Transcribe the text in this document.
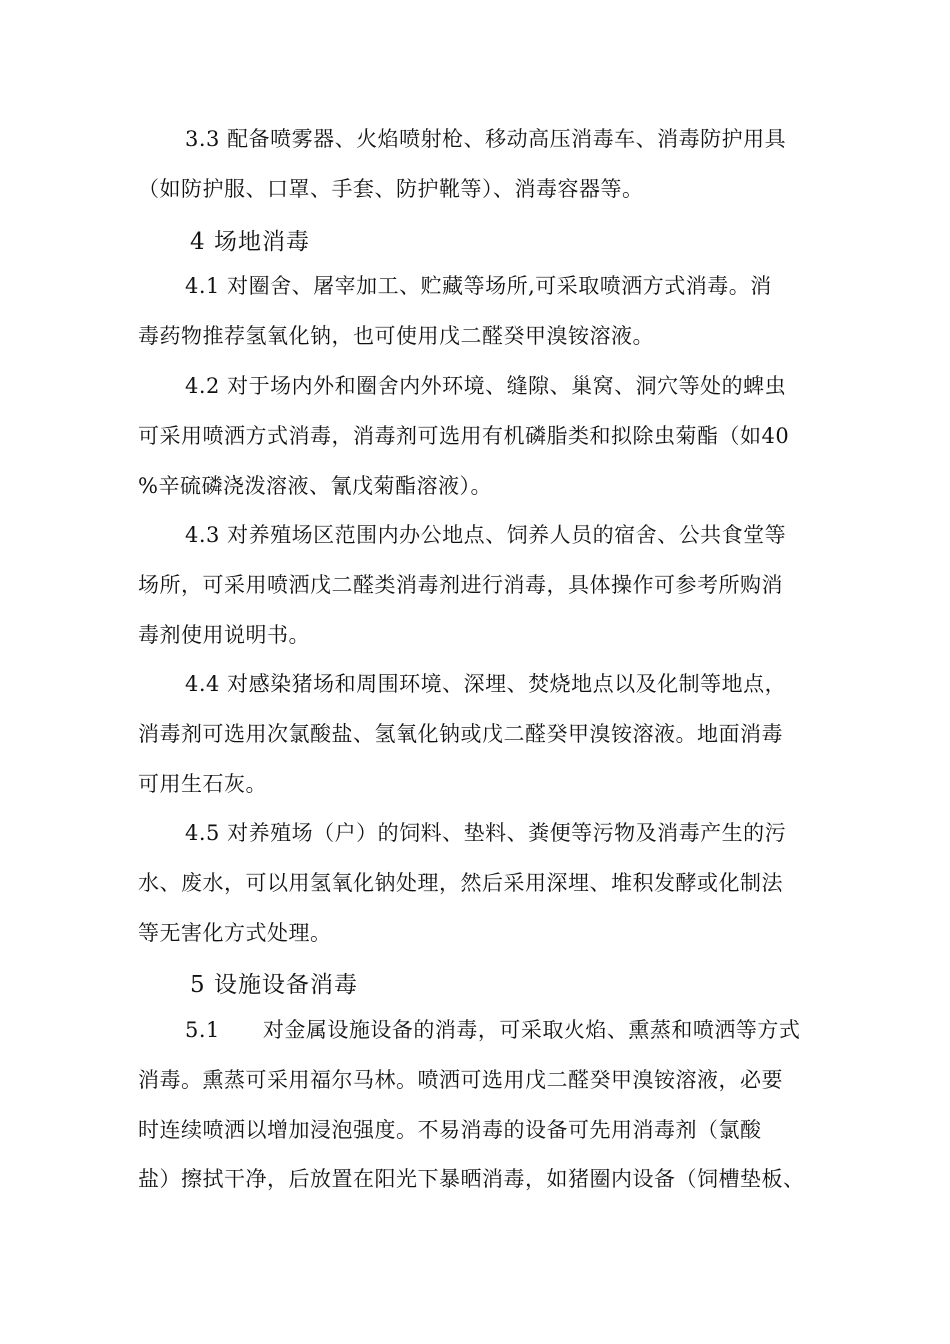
3.3 配备喷雾器、火焰喷射枪、移动高压消毒车、消毒防护用具
（如防护服、口罩、手套、防护靴等）、消毒容器等。
4 场地消毒
4.1 对圈舍、屠宰加工、贮藏等场所,可采取喷洒方式消毒。消
毒药物推荐氢氧化钠，也可使用戊二醛癸甲溴铵溶液。
4.2 对于场内外和圈舍内外环境、缝隙、巢窝、洞穴等处的蜱虫
可采用喷洒方式消毒，消毒剂可选用有机磷脂类和拟除虫菊酯（如40
%辛硫磷浇泼溶液、氰戊菊酯溶液）。
4.3 对养殖场区范围内办公地点、饲养人员的宿舍、公共食堂等
场所，可采用喷洒戊二醛类消毒剂进行消毒，具体操作可参考所购消
毒剂使用说明书。
4.4 对感染猪场和周围环境、深埋、焚烧地点以及化制等地点，
消毒剂可选用次氯酸盐、氢氧化钠或戊二醛癸甲溴铵溶液。地面消毒
可用生石灰。
4.5 对养殖场（户）的饲料、垫料、粪便等污物及消毒产生的污
水、废水，可以用氢氧化钠处理，然后采用深埋、堆积发酵或化制法
等无害化方式处理。
5 设施设备消毒
5.1　　对金属设施设备的消毒，可采取火焰、熏蒸和喷洒等方式
消毒。熏蒸可采用福尔马林。喷洒可选用戊二醛癸甲溴铵溶液，必要
时连续喷洒以增加浸泡强度。不易消毒的设备可先用消毒剂（氯酸
盐）擦拭干净，后放置在阳光下暴晒消毒，如猪圈内设备（饲槽垫板、
